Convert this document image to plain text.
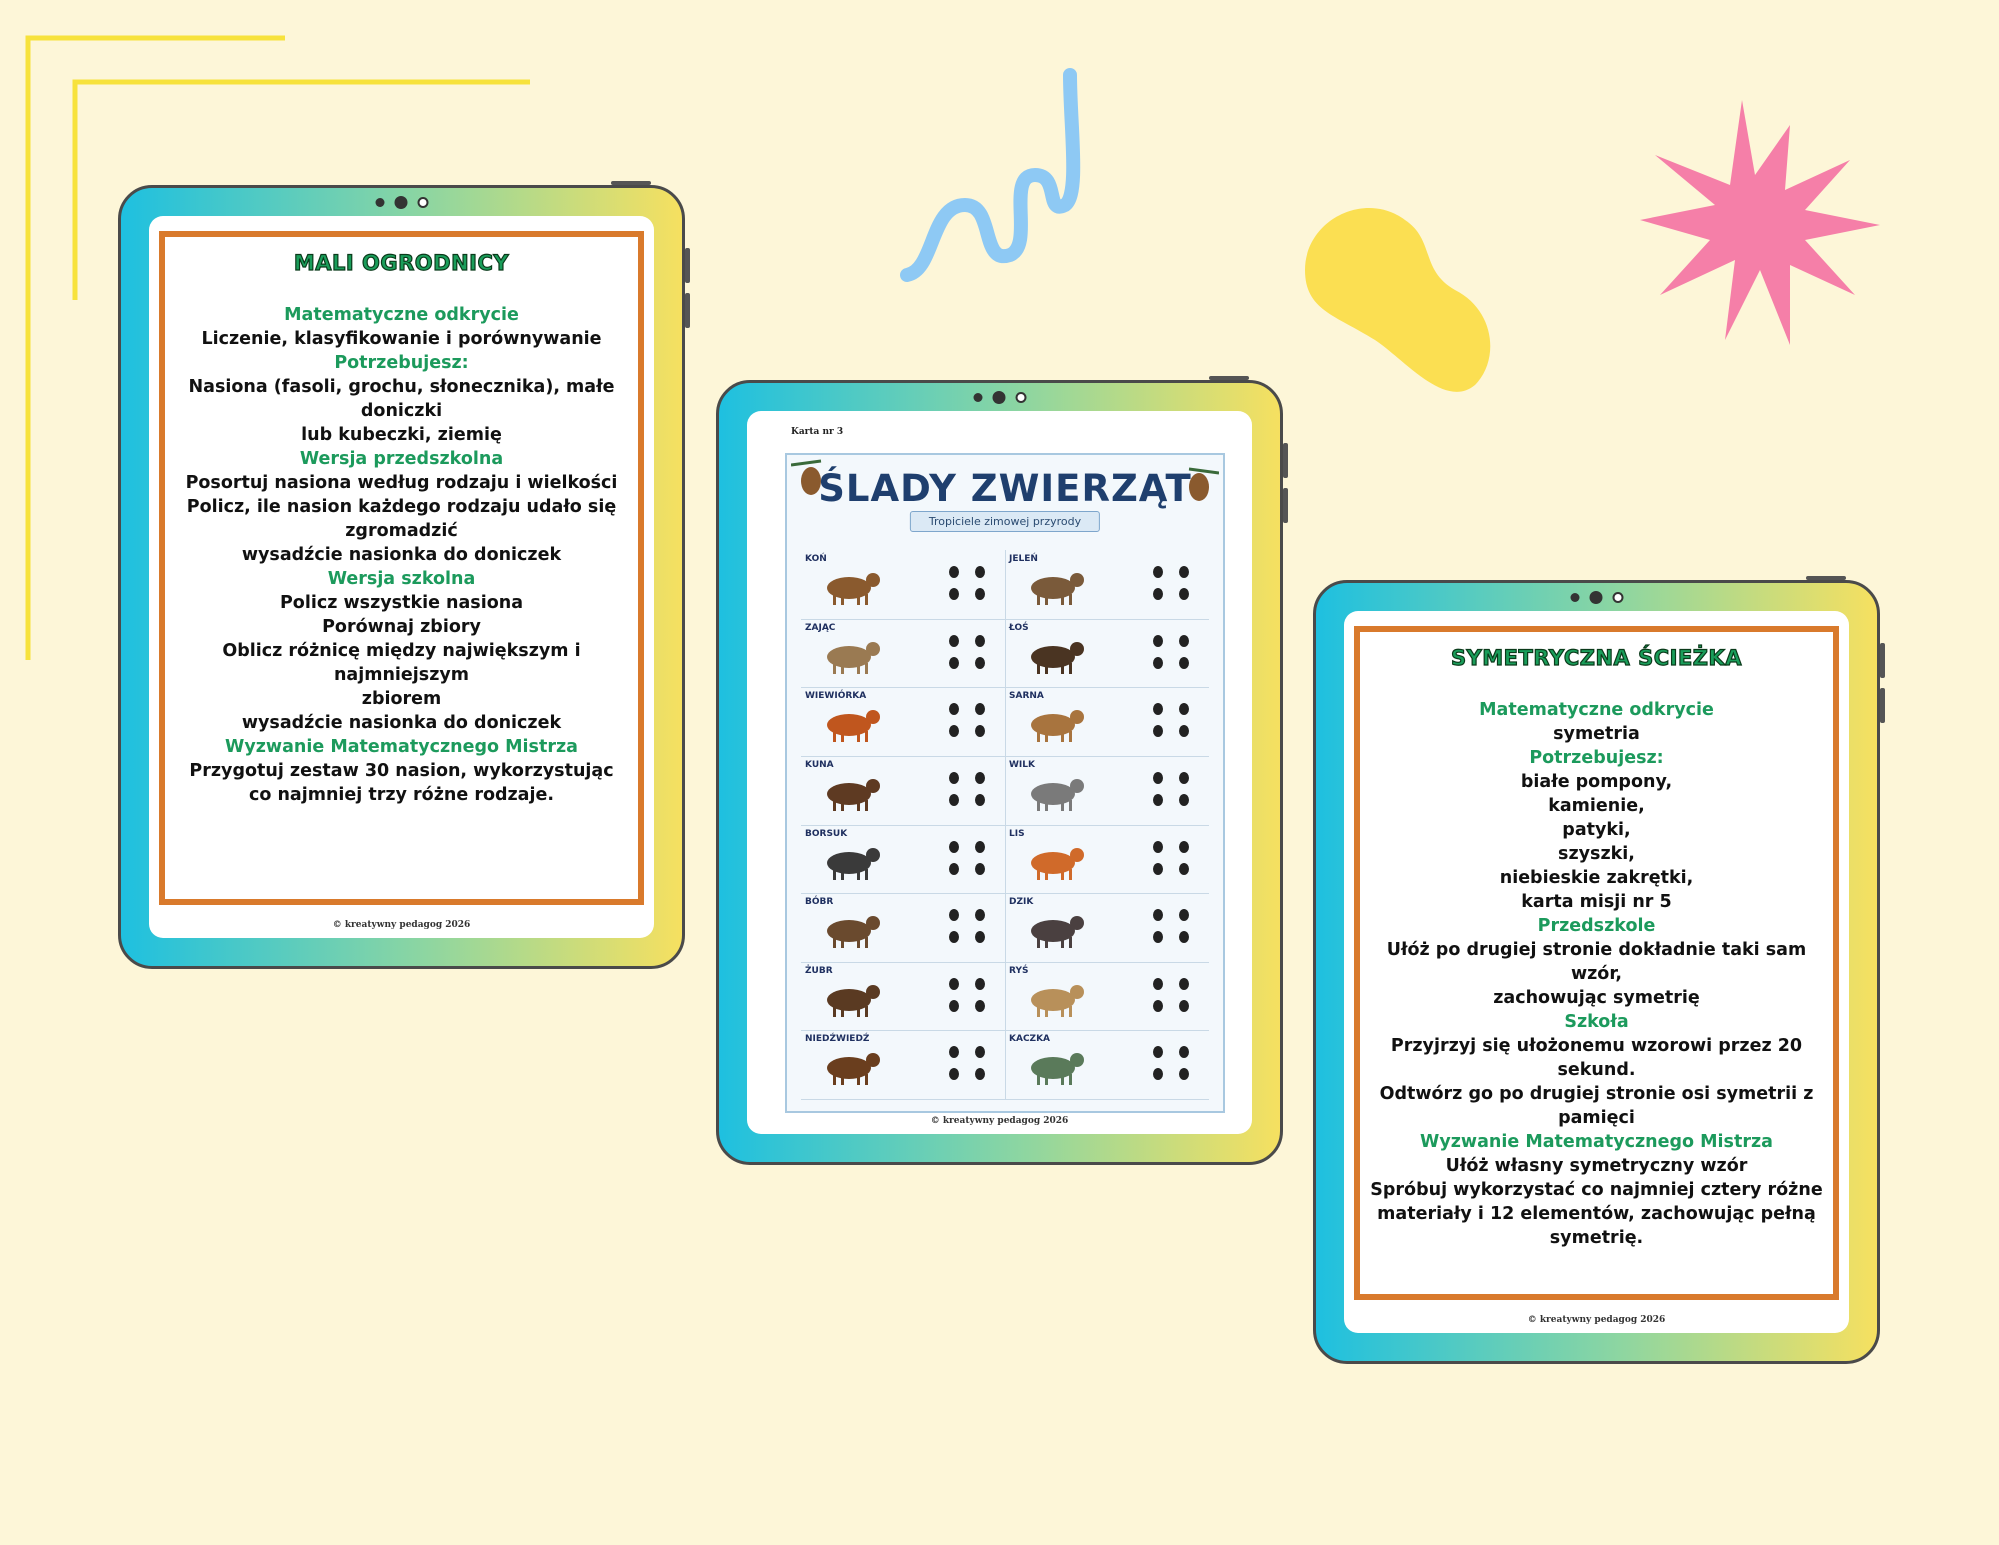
MALI OGRODNICY
Matematyczne odkrycie
Liczenie, klasyfikowanie i porównywanie
Potrzebujesz:
Nasiona (fasoli, grochu, słonecznika), małe doniczki
lub kubeczki, ziemię
Wersja przedszkolna
Posortuj nasiona według rodzaju i wielkości
Policz, ile nasion każdego rodzaju udało się
zgromadzić
wysadźcie nasionka do doniczek
Wersja szkolna
Policz wszystkie nasiona
Porównaj zbiory
Oblicz różnicę między największym i najmniejszym
zbiorem
wysadźcie nasionka do doniczek
Wyzwanie Matematycznego Mistrza
Przygotuj zestaw 30 nasion, wykorzystując
co najmniej trzy różne rodzaje.
© kreatywny pedagog 2026
Karta nr 3
ŚLADY ZWIERZĄT
Tropiciele zimowej przyrody
KOŃ
ZAJĄC
WIEWIÓRKA
KUNA
BORSUK
BÓBR
ŻUBR
NIEDŹWIEDŹ
JELEŃ
ŁOŚ
SARNA
WILK
LIS
DZIK
RYŚ
KACZKA
© kreatywny pedagog 2026
SYMETRYCZNA ŚCIEŻKA
Matematyczne odkrycie
symetria
Potrzebujesz:
białe pompony,
kamienie,
patyki,
szyszki,
niebieskie zakrętki,
karta misji nr 5
Przedszkole
Ułóż po drugiej stronie dokładnie taki sam wzór,
zachowując symetrię
Szkoła
Przyjrzyj się ułożonemu wzorowi przez 20 sekund.
Odtwórz go po drugiej stronie osi symetrii z pamięci
Wyzwanie Matematycznego Mistrza
Ułóż własny symetryczny wzór
Spróbuj wykorzystać co najmniej cztery różne
materiały i 12 elementów, zachowując pełną
symetrię.
© kreatywny pedagog 2026
